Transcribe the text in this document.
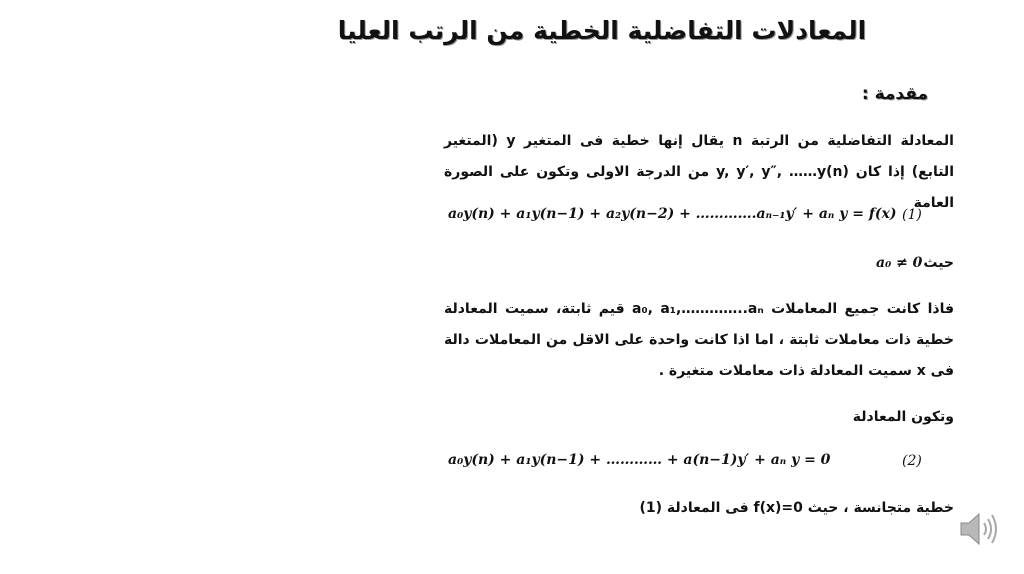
المعادلات التفاضلية الخطية من الرتب العليا
مقدمة :
المعادلة التفاضلية من الرتبة n يقال إنها خطية فى المتغير y (المتغير التابع) إذا كان y, y′, y″, ……y(n) من الدرجة الاولى وتكون على الصورة العامة
a₀y(n) + a₁y(n−1) + a₂y(n−2) + ………….aₙ₋₁y′ + aₙ y = f(x) (1)
حيث
a₀ ≠ 0
فاذا كانت جميع المعاملات a₀, a₁,…………..aₙ قيم ثابتة، سميت المعادلة خطية ذات معاملات ثابتة ، اما اذا كانت واحدة على الاقل من المعاملات دالة فى x سميت المعادلة ذات معاملات متغيرة .
وتكون المعادلة
a₀y(n) + a₁y(n−1) + ………… + a(n−1)y′ + aₙ y = 0	(2)
خطية متجانسة ، حيث f(x)=0 فى المعادلة (1)
